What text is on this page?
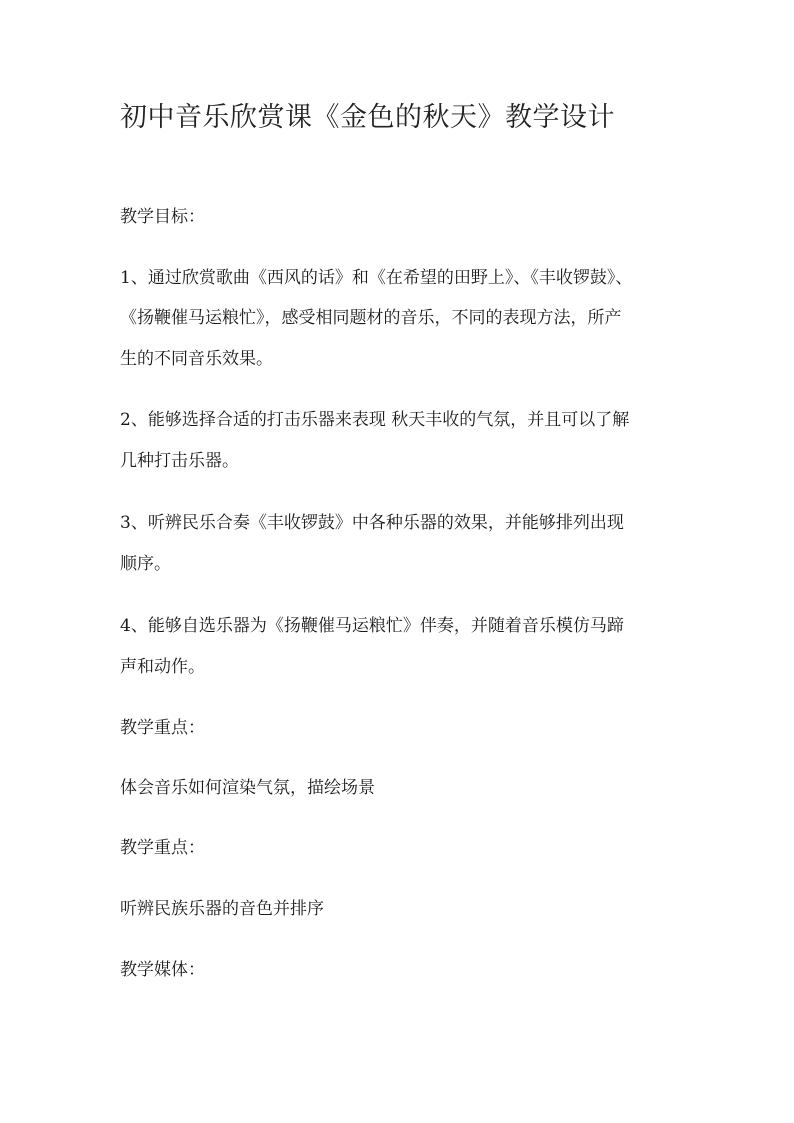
初中音乐欣赏课《金色的秋天》教学设计
教学目标：
1、通过欣赏歌曲《西风的话》和《在希望的田野上》、《丰收锣鼓》、
《扬鞭催马运粮忙》，感受相同题材的音乐，不同的表现方法，所产
生的不同音乐效果。
2、能够选择合适的打击乐器来表现 秋天丰收的气氛，并且可以了解
几种打击乐器。
3、听辨民乐合奏《丰收锣鼓》中各种乐器的效果，并能够排列出现
顺序。
4、能够自选乐器为《扬鞭催马运粮忙》伴奏，并随着音乐模仿马蹄
声和动作。
教学重点：
体会音乐如何渲染气氛，描绘场景
教学重点：
听辨民族乐器的音色并排序
教学媒体：
